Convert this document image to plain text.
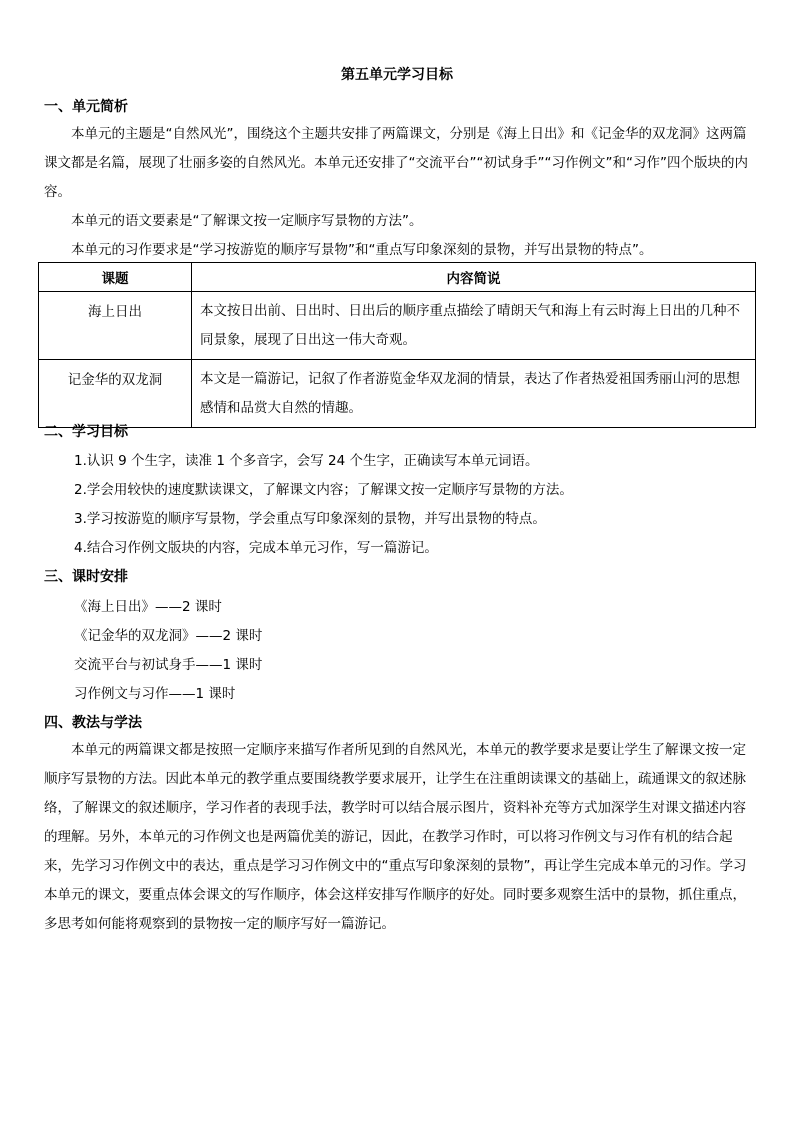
第五单元学习目标
一、单元简析

本单元的主题是“自然风光”，围绕这个主题共安排了两篇课文，分别是《海上日出》和《记金华的双龙洞》这两篇课文都是名篇，展现了壮丽多姿的自然风光。本单元还安排了“交流平台”“初试身手”“习作例文”和“习作”四个版块的内容。

本单元的语文要素是“了解课文按一定顺序写景物的方法”。

本单元的习作要求是“学习按游览的顺序写景物”和“重点写印象深刻的景物，并写出景物的特点”。

课题	内容简说
海上日出	本文按日出前、日出时、日出后的顺序重点描绘了晴朗天气和海上有云时海上日出的几种不同景象，展现了日出这一伟大奇观。
记金华的双龙洞	本文是一篇游记，记叙了作者游览金华双龙洞的情景，表达了作者热爱祖国秀丽山河的思想感情和品赏大自然的情趣。
二、学习目标
1.认识 9 个生字，读准 1 个多音字，会写 24 个生字，正确读写本单元词语。
2.学会用较快的速度默读课文，了解课文内容；了解课文按一定顺序写景物的方法。
3.学习按游览的顺序写景物，学会重点写印象深刻的景物，并写出景物的特点。
4.结合习作例文版块的内容，完成本单元习作，写一篇游记。
三、课时安排
《海上日出》——2 课时
《记金华的双龙洞》——2 课时
交流平台与初试身手——1 课时
习作例文与习作——1 课时
四、教法与学法

本单元的两篇课文都是按照一定顺序来描写作者所见到的自然风光，本单元的教学要求是要让学生了解课文按一定顺序写景物的方法。因此本单元的教学重点要围绕教学要求展开，让学生在注重朗读课文的基础上，疏通课文的叙述脉络，了解课文的叙述顺序，学习作者的表现手法，教学时可以结合展示图片，资料补充等方式加深学生对课文描述内容的理解。另外，本单元的习作例文也是两篇优美的游记，因此，在教学习作时，可以将习作例文与习作有机的结合起来，先学习习作例文中的表达，重点是学习习作例文中的“重点写印象深刻的景物”，再让学生完成本单元的习作。学习本单元的课文，要重点体会课文的写作顺序，体会这样安排写作顺序的好处。同时要多观察生活中的景物，抓住重点，多思考如何能将观察到的景物按一定的顺序写好一篇游记。
